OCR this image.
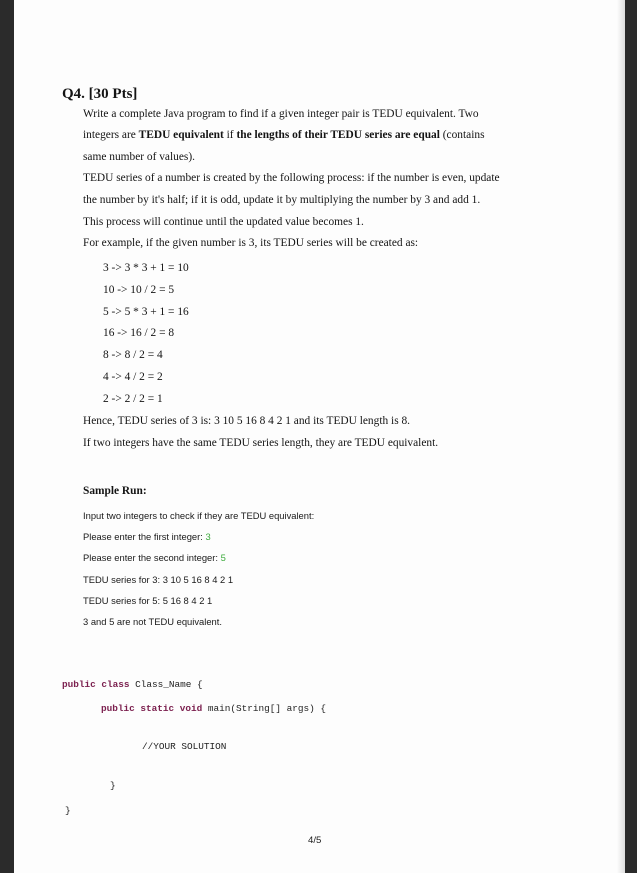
Q4. [30 Pts]
Write a complete Java program to find if a given integer pair is TEDU equivalent. Two
integers are TEDU equivalent if the lengths of their TEDU series are equal (contains
same number of values).
TEDU series of a number is created by the following process: if the number is even, update
the number by it's half; if it is odd, update it by multiplying the number by 3 and add 1.
This process will continue until the updated value becomes 1.
For example, if the given number is 3, its TEDU series will be created as:
3 -> 3 * 3 + 1 = 10
10 -> 10 / 2 = 5
5 -> 5 * 3 + 1 = 16
16 -> 16 / 2 = 8
8 -> 8 / 2 = 4
4 -> 4 / 2 = 2
2 -> 2 / 2 = 1
Hence, TEDU series of 3 is: 3 10 5 16 8 4 2 1 and its TEDU length is 8.
If two integers have the same TEDU series length, they are TEDU equivalent.
Sample Run:
Input two integers to check if they are TEDU equivalent:
Please enter the first integer: 3
Please enter the second integer: 5
TEDU series for 3: 3 10 5 16 8 4 2 1
TEDU series for 5: 5 16 8 4 2 1
3 and 5 are not TEDU equivalent.
public class Class_Name {
public static void main(String[] args) {
//YOUR SOLUTION
}
}
4/5
